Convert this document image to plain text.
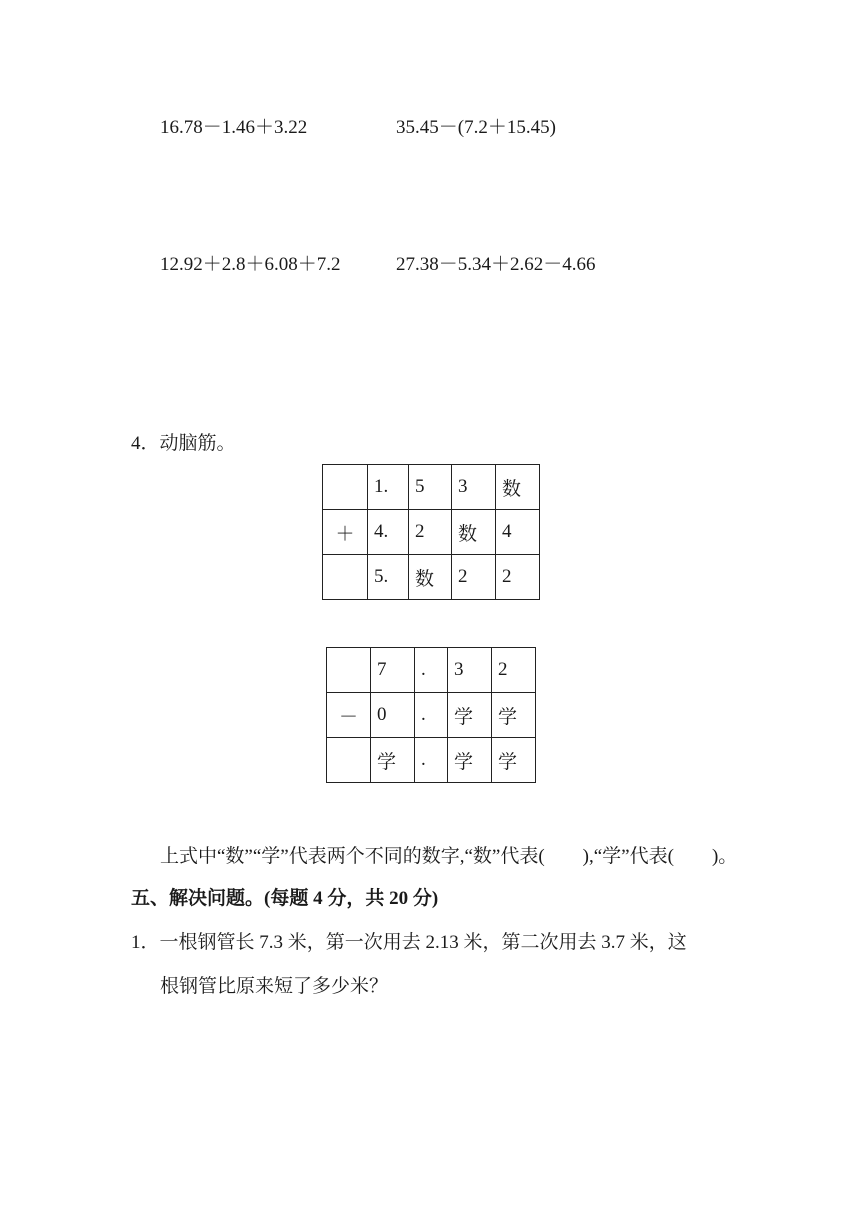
16.78－1.46＋3.22	35.45－(7.2＋15.45)
12.92＋2.8＋6.08＋7.2	27.38－5.34＋2.62－4.66
4．动脑筋。
	1.	5	3	数
＋	4.	2	数	4
	5.	数	2	2
	7	.	3	2
－	0	.	学	学
	学	.	学	学
上式中“数”“学”代表两个不同的数字,“数”代表(　　),“学”代表(　　)。
五、解决问题。(每题 4 分，共 20 分)
1．一根钢管长 7.3 米，第一次用去 2.13 米，第二次用去 3.7 米，这
根钢管比原来短了多少米？
